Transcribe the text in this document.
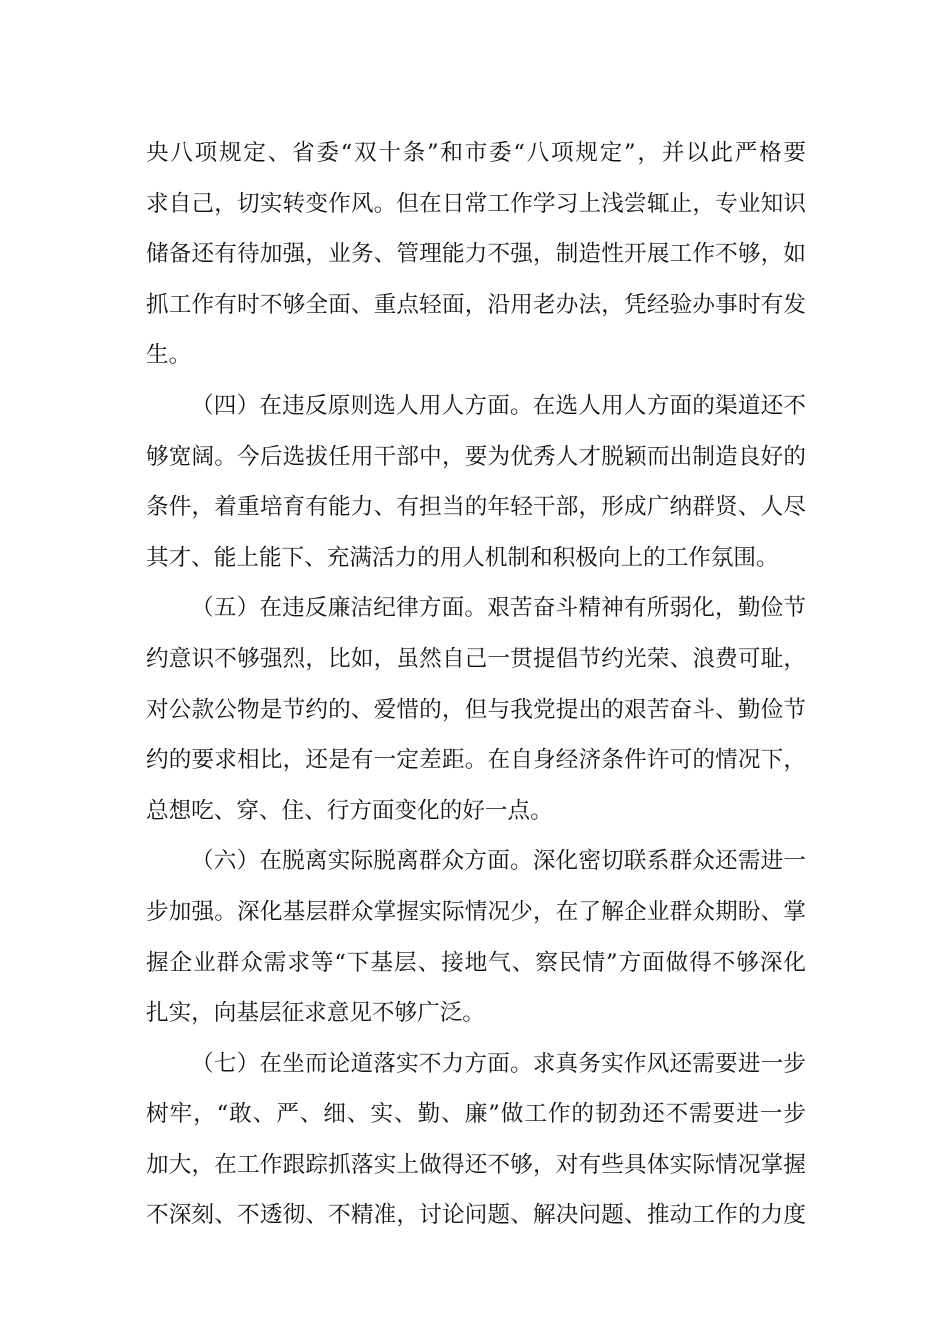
央八项规定、省委“双十条”和市委“八项规定”，并以此严格要
求自己，切实转变作风。但在日常工作学习上浅尝辄止，专业知识
储备还有待加强，业务、管理能力不强，制造性开展工作不够，如
抓工作有时不够全面、重点轻面，沿用老办法，凭经验办事时有发
生。
（四）在违反原则选人用人方面。在选人用人方面的渠道还不
够宽阔。今后选拔任用干部中，要为优秀人才脱颖而出制造良好的
条件，着重培育有能力、有担当的年轻干部，形成广纳群贤、人尽
其才、能上能下、充满活力的用人机制和积极向上的工作氛围。
（五）在违反廉洁纪律方面。艰苦奋斗精神有所弱化，勤俭节
约意识不够强烈，比如，虽然自己一贯提倡节约光荣、浪费可耻，
对公款公物是节约的、爱惜的，但与我党提出的艰苦奋斗、勤俭节
约的要求相比，还是有一定差距。在自身经济条件许可的情况下，
总想吃、穿、住、行方面变化的好一点。
（六）在脱离实际脱离群众方面。深化密切联系群众还需进一
步加强。深化基层群众掌握实际情况少，在了解企业群众期盼、掌
握企业群众需求等“下基层、接地气、察民情”方面做得不够深化
扎实，向基层征求意见不够广泛。
（七）在坐而论道落实不力方面。求真务实作风还需要进一步
树牢，“敢、严、细、实、勤、廉”做工作的韧劲还不需要进一步
加大，在工作跟踪抓落实上做得还不够，对有些具体实际情况掌握
不深刻、不透彻、不精准，讨论问题、解决问题、推动工作的力度
